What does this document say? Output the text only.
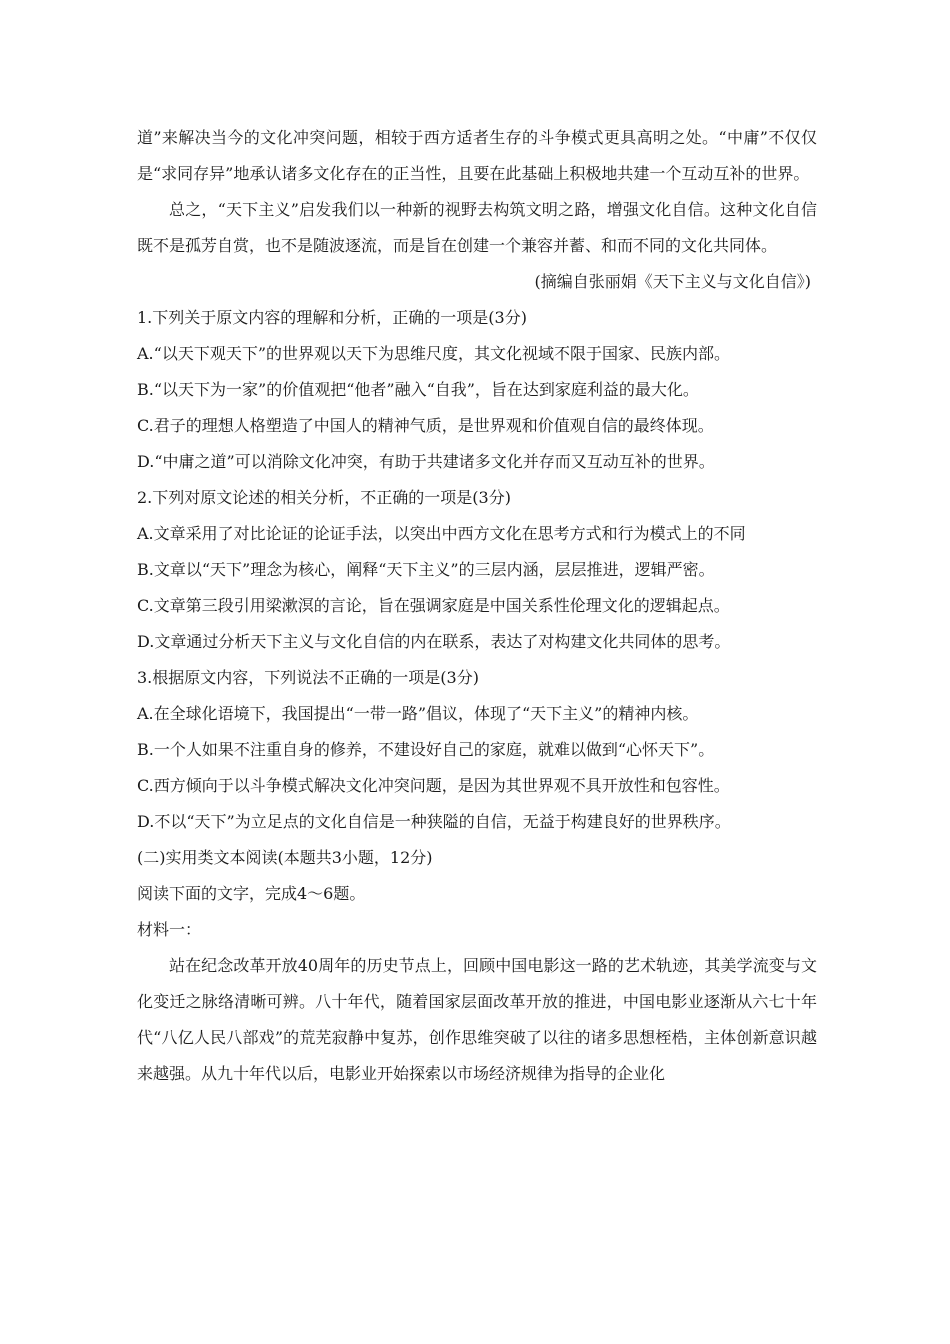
道”来解决当今的文化冲突问题，相较于西方适者生存的斗争模式更具高明之处。“中庸”不仅仅是“求同存异”地承认诸多文化存在的正当性，且要在此基础上积极地共建一个互动互补的世界。

总之，“天下主义”启发我们以一种新的视野去构筑文明之路，增强文化自信。这种文化自信既不是孤芳自赏，也不是随波逐流，而是旨在创建一个兼容并蓄、和而不同的文化共同体。

(摘编自张丽娟《天下主义与文化自信》)

1.下列关于原文内容的理解和分析，正确的一项是(3分)

A.“以天下观天下”的世界观以天下为思维尺度，其文化视域不限于国家、民族内部。

B.“以天下为一家”的价值观把“他者”融入“自我”，旨在达到家庭利益的最大化。

C.君子的理想人格塑造了中国人的精神气质，是世界观和价值观自信的最终体现。

D.“中庸之道”可以消除文化冲突，有助于共建诸多文化并存而又互动互补的世界。

2.下列对原文论述的相关分析，不正确的一项是(3分)

A.文章采用了对比论证的论证手法，以突出中西方文化在思考方式和行为模式上的不同

B.文章以“天下”理念为核心，阐释“天下主义”的三层内涵，层层推进，逻辑严密。

C.文章第三段引用梁漱溟的言论，旨在强调家庭是中国关系性伦理文化的逻辑起点。

D.文章通过分析天下主义与文化自信的内在联系，表达了对构建文化共同体的思考。

3.根据原文内容，下列说法不正确的一项是(3分)

A.在全球化语境下，我国提出“一带一路”倡议，体现了“天下主义”的精神内核。

B.一个人如果不注重自身的修养，不建设好自己的家庭，就难以做到“心怀天下”。

C.西方倾向于以斗争模式解决文化冲突问题，是因为其世界观不具开放性和包容性。

D.不以“天下”为立足点的文化自信是一种狭隘的自信，无益于构建良好的世界秩序。

(二)实用类文本阅读(本题共3小题，12分)

阅读下面的文字，完成4～6题。

材料一：

站在纪念改革开放40周年的历史节点上，回顾中国电影这一路的艺术轨迹，其美学流变与文化变迁之脉络清晰可辨。八十年代，随着国家层面改革开放的推进，中国电影业逐渐从六七十年代“八亿人民八部戏”的荒芜寂静中复苏，创作思维突破了以往的诸多思想桎梏，主体创新意识越来越强。从九十年代以后，电影业开始探索以市场经济规律为指导的企业化
